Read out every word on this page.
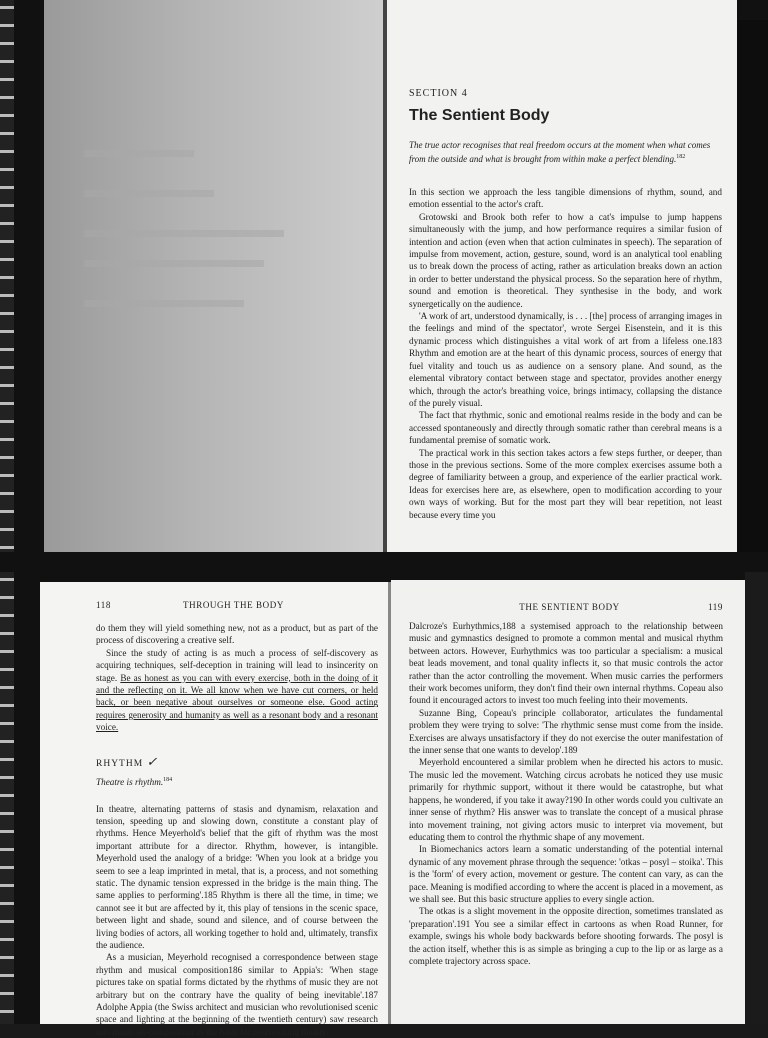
SECTION 4
The Sentient Body
The true actor recognises that real freedom occurs at the moment when what comes from the outside and what is brought from within make a perfect blending.$^{182}$

In this section we approach the less tangible dimensions of rhythm, sound, and emotion essential to the actor's craft.

Grotowski and Brook both refer to how a cat's impulse to jump happens simultaneously with the jump, and how performance requires a similar fusion of intention and action (even when that action culminates in speech). The separation of impulse from movement, action, gesture, sound, word is an analytical tool enabling us to break down the process of acting, rather as articulation breaks down an action in order to better understand the physical process. So the separation here of rhythm, sound and emotion is theoretical. They synthesise in the body, and work synergetically on the audience.

'A work of art, understood dynamically, is . . . [the] process of arranging images in the feelings and mind of the spectator', wrote Sergei Eisenstein, and it is this dynamic process which distinguishes a vital work of art from a lifeless one.183 Rhythm and emotion are at the heart of this dynamic process, sources of energy that fuel vitality and touch us as audience on a sensory plane. And sound, as the elemental vibratory contact between stage and spectator, provides another energy which, through the actor's breathing voice, brings intimacy, collapsing the distance of the purely visual.

The fact that rhythmic, sonic and emotional realms reside in the body and can be accessed spontaneously and directly through somatic rather than cerebral means is a fundamental premise of somatic work.

The practical work in this section takes actors a few steps further, or deeper, than those in the previous sections. Some of the more complex exercises assume both a degree of familiarity between a group, and experience of the earlier practical work. Ideas for exercises here are, as elsewhere, open to modification according to your own ways of working. But for the most part they will bear repetition, not least because every time you

118	THROUGH THE BODY

do them they will yield something new, not as a product, but as part of the process of discovering a creative self.

Since the study of acting is as much a process of self-discovery as acquiring techniques, self-deception in training will lead to insincerity on stage. Be as honest as you can with every exercise, both in the doing of it and the reflecting on it. We all know when we have cut corners, or held back, or been negative about ourselves or someone else. Good acting requires generosity and humanity as well as a resonant body and a resonant voice.

RHYTHM ✓
Theatre is rhythm.$^{184}$

In theatre, alternating patterns of stasis and dynamism, relaxation and tension, speeding up and slowing down, constitute a constant play of rhythms. Hence Meyerhold's belief that the gift of rhythm was the most important attribute for a director. Rhythm, however, is intangible. Meyerhold used the analogy of a bridge: 'When you look at a bridge you seem to see a leap imprinted in metal, that is, a process, and not something static. The dynamic tension expressed in the bridge is the main thing. The same applies to performing'.185 Rhythm is there all the time, in time; we cannot see it but are affected by it, this play of tensions in the scenic space, between light and shade, sound and silence, and of course between the living bodies of actors, all working together to hold and, ultimately, transfix the audience.

As a musician, Meyerhold recognised a correspondence between stage rhythm and musical composition186 similar to Appia's: 'When stage pictures take on spatial forms dictated by the rhythms of music they are not arbitrary but on the contrary have the quality of being inevitable'.187 Adolphe Appia (the Swiss architect and musician who revolutionised scenic space and lighting at the beginning of the twentieth century) saw research into music-as-composition as the basis for rejuvenating theatre.

THE SENTIENT BODY	119

Dalcroze's Eurhythmics,188 a systemised approach to the relationship between music and gymnastics designed to promote a common mental and musical rhythm between actors. However, Eurhythmics was too particular a specialism: a musical beat leads movement, and tonal quality inflects it, so that music controls the actor rather than the actor controlling the movement. When music carries the performers their work becomes uniform, they don't find their own internal rhythms. Copeau also found it encouraged actors to invest too much feeling into their movements.

Suzanne Bing, Copeau's principle collaborator, articulates the fundamental problem they were trying to solve: 'The rhythmic sense must come from the inside. Exercises are always unsatisfactory if they do not exercise the outer manifestation of the inner sense that one wants to develop'.189

Meyerhold encountered a similar problem when he directed his actors to music. The music led the movement. Watching circus acrobats he noticed they use music primarily for rhythmic support, without it there would be catastrophe, but what happens, he wondered, if you take it away?190 In other words could you cultivate an inner sense of rhythm? His answer was to translate the concept of a musical phrase into movement training, not giving actors music to interpret via movement, but educating them to control the rhythmic shape of any movement.

In Biomechanics actors learn a somatic understanding of the potential internal dynamic of any movement phrase through the sequence: 'otkas – posyl – stoika'. This is the 'form' of every action, movement or gesture. The content can vary, as can the pace. Meaning is modified according to where the accent is placed in a movement, as we shall see. But this basic structure applies to every single action.

The otkas is a slight movement in the opposite direction, sometimes translated as 'preparation'.191 You see a similar effect in cartoons as when Road Runner, for example, swings his whole body backwards before shooting forwards. The posyl is the action itself, whether this is as simple as bringing a cup to the lip or as large as a complete trajectory across space.
